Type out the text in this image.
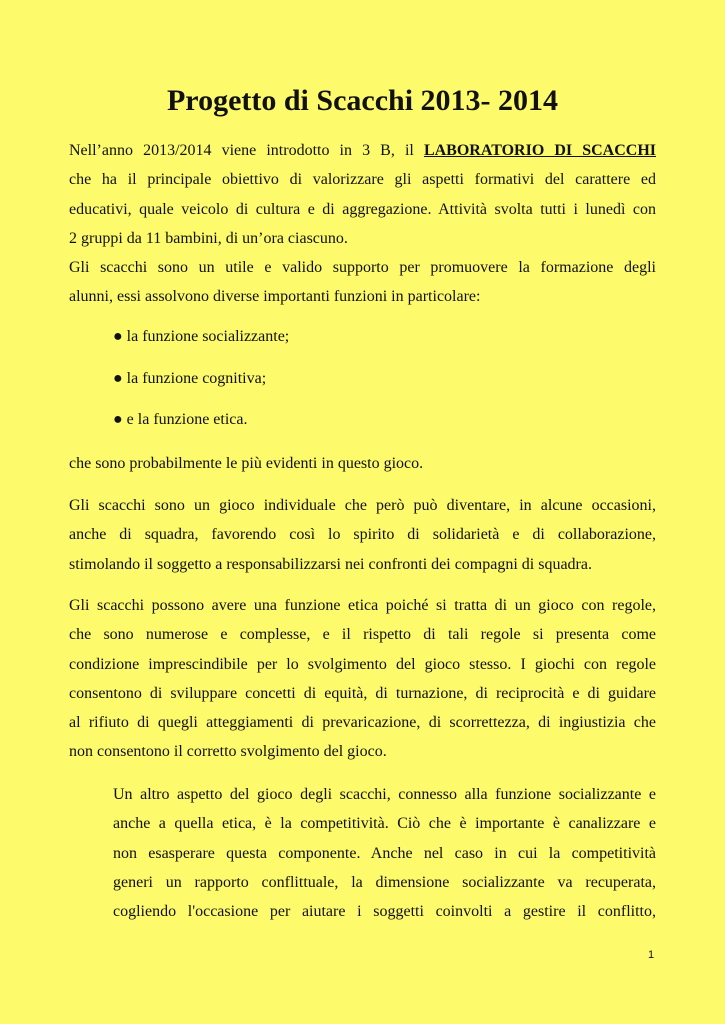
Progetto di Scacchi 2013- 2014
Nell’anno 2013/2014 viene introdotto in 3 B, il LABORATORIO DI SCACCHI
che ha il principale obiettivo di valorizzare gli aspetti formativi del carattere ed
educativi, quale veicolo di cultura e di aggregazione. Attività svolta tutti i lunedì con
2 gruppi da 11 bambini, di un’ora ciascuno.
Gli scacchi sono un utile e valido supporto per promuovere la formazione degli
alunni, essi assolvono diverse importanti funzioni in particolare:
● la funzione socializzante;
● la funzione cognitiva;
● e la funzione etica.
che sono probabilmente le più evidenti in questo gioco.
Gli scacchi sono un gioco individuale che però può diventare, in alcune occasioni,
anche di squadra, favorendo così lo spirito di solidarietà e di collaborazione,
stimolando il soggetto a responsabilizzarsi nei confronti dei compagni di squadra.
Gli scacchi possono avere una funzione etica poiché si tratta di un gioco con regole,
che sono numerose e complesse, e il rispetto di tali regole si presenta come
condizione imprescindibile per lo svolgimento del gioco stesso. I giochi con regole
consentono di sviluppare concetti di equità, di turnazione, di reciprocità e di guidare
al rifiuto di quegli atteggiamenti di prevaricazione, di scorrettezza, di ingiustizia che
non consentono il corretto svolgimento del gioco.
Un altro aspetto del gioco degli scacchi, connesso alla funzione socializzante e
anche a quella etica, è la competitività. Ciò che è importante è canalizzare e
non esasperare questa componente. Anche nel caso in cui la competitività
generi un rapporto conflittuale, la dimensione socializzante va recuperata,
cogliendo l'occasione per aiutare i soggetti coinvolti a gestire il conflitto,
1
